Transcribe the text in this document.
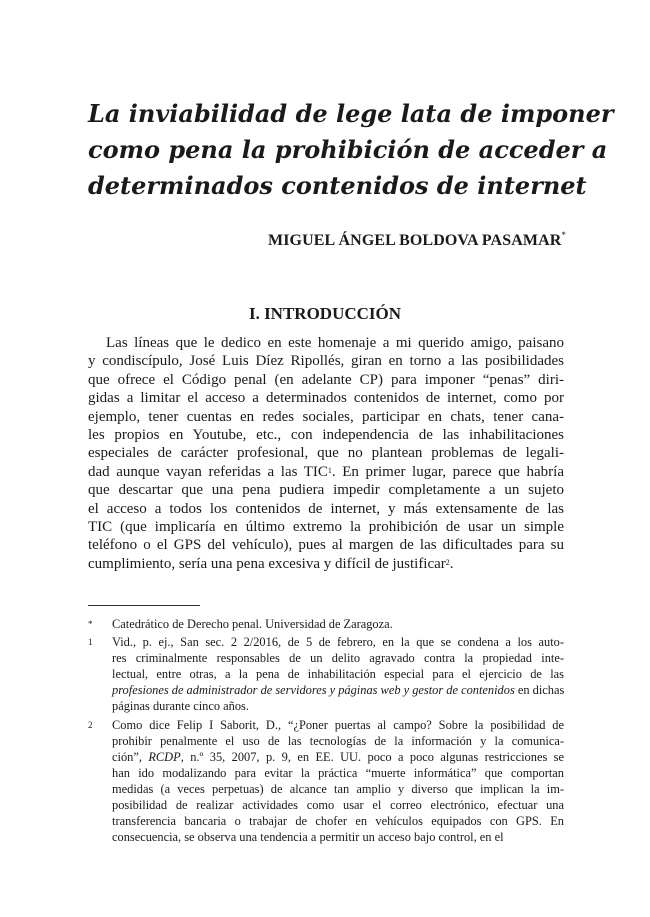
La inviabilidad de lege lata de imponer
como pena la prohibición de acceder a
determinados contenidos de internet
MIGUEL ÁNGEL BOLDOVA PASAMAR*
I. INTRODUCCIÓN
Las líneas que le dedico en este homenaje a mi querido amigo, paisano
y condiscípulo, José Luis Díez Ripollés, giran en torno a las posibilidades
que ofrece el Código penal (en adelante CP) para imponer “penas” diri-
gidas a limitar el acceso a determinados contenidos de internet, como por
ejemplo, tener cuentas en redes sociales, participar en chats, tener cana-
les propios en Youtube, etc., con independencia de las inhabilitaciones
especiales de carácter profesional, que no plantean problemas de legali-
dad aunque vayan referidas a las TIC$^1$. En primer lugar, parece que habría
que descartar que una pena pudiera impedir completamente a un sujeto
el acceso a todos los contenidos de internet, y más extensamente de las
TIC (que implicaría en último extremo la prohibición de usar un simple
teléfono o el GPS del vehículo), pues al margen de las dificultades para su
cumplimiento, sería una pena excesiva y difícil de justificar$^2$.
* Catedrático de Derecho penal. Universidad de Zaragoza.
1 Vid., p. ej., San sec. 2 2/2016, de 5 de febrero, en la que se condena a los auto-
res criminalmente responsables de un delito agravado contra la propiedad inte-
lectual, entre otras, a la pena de inhabilitación especial para el ejercicio de las
profesiones de administrador de servidores y páginas web y gestor de contenidos en dichas
páginas durante cinco años.
2 Como dice Felip I Saborit, D., “¿Poner puertas al campo? Sobre la posibilidad de
prohibir penalmente el uso de las tecnologías de la información y la comunica-
ción”, RCDP, n.º 35, 2007, p. 9, en EE. UU. poco a poco algunas restricciones se
han ido modalizando para evitar la práctica “muerte informática” que comportan
medidas (a veces perpetuas) de alcance tan amplio y diverso que implican la im-
posibilidad de realizar actividades como usar el correo electrónico, efectuar una
transferencia bancaria o trabajar de chofer en vehículos equipados con GPS. En
consecuencia, se observa una tendencia a permitir un acceso bajo control, en el
